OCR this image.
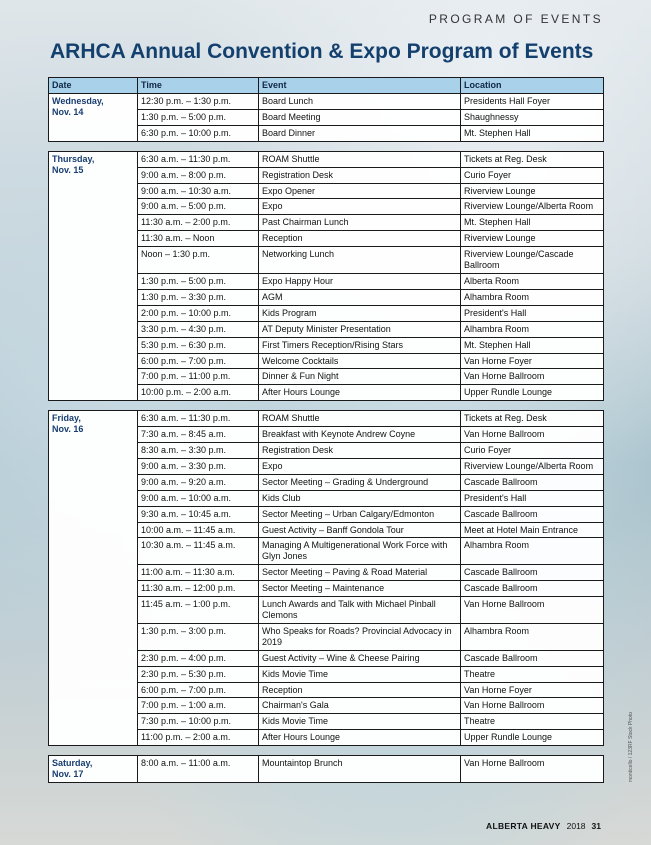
PROGRAM OF EVENTS
ARHCA Annual Convention & Expo Program of Events
Date	Time	Event	Location

Wednesday,
Nov. 14	12:30 p.m. – 1:30 p.m.	Board Lunch	Presidents Hall Foyer
	1:30 p.m. – 5:00 p.m.	Board Meeting	Shaughnessy
	6:30 p.m. – 10:00 p.m.	Board Dinner	Mt. Stephen Hall

Thursday,
Nov. 15	6:30 a.m. – 11:30 p.m.	ROAM Shuttle	Tickets at Reg. Desk
	9:00 a.m. – 8:00 p.m.	Registration Desk	Curio Foyer
	9:00 a.m. – 10:30 a.m.	Expo Opener	Riverview Lounge
	9:00 a.m. – 5:00 p.m.	Expo	Riverview Lounge/Alberta Room
	11:30 a.m. – 2:00 p.m.	Past Chairman Lunch	Mt. Stephen Hall
	11:30 a.m. – Noon	Reception	Riverview Lounge
	Noon – 1:30 p.m.	Networking Lunch	Riverview Lounge/Cascade Ballroom
	1:30 p.m. – 5:00 p.m.	Expo Happy Hour	Alberta Room
	1:30 p.m. – 3:30 p.m.	AGM	Alhambra Room
	2:00 p.m. – 10:00 p.m.	Kids Program	President's Hall
	3:30 p.m. – 4:30 p.m.	AT Deputy Minister Presentation	Alhambra Room
	5:30 p.m. – 6:30 p.m.	First Timers Reception/Rising Stars	Mt. Stephen Hall
	6:00 p.m. – 7:00 p.m.	Welcome Cocktails	Van Horne Foyer
	7:00 p.m. – 11:00 p.m.	Dinner & Fun Night	Van Horne Ballroom
	10:00 p.m. – 2:00 a.m.	After Hours Lounge	Upper Rundle Lounge

Friday,
Nov. 16	6:30 a.m. – 11:30 p.m.	ROAM Shuttle	Tickets at Reg. Desk
	7:30 a.m. – 8:45 a.m.	Breakfast with Keynote Andrew Coyne	Van Horne Ballroom
	8:30 a.m. – 3:30 p.m.	Registration Desk	Curio Foyer
	9:00 a.m. – 3:30 p.m.	Expo	Riverview Lounge/Alberta Room
	9:00 a.m. – 9:20 a.m.	Sector Meeting – Grading & Underground	Cascade Ballroom
	9:00 a.m. – 10:00 a.m.	Kids Club	President's Hall
	9:30 a.m. – 10:45 a.m.	Sector Meeting – Urban Calgary/Edmonton	Cascade Ballroom
	10:00 a.m. – 11:45 a.m.	Guest Activity – Banff Gondola Tour	Meet at Hotel Main Entrance
	10:30 a.m. – 11:45 a.m.	Managing A Multigenerational Work Force with Glyn Jones	Alhambra Room
	11:00 a.m. – 11:30 a.m.	Sector Meeting – Paving & Road Material	Cascade Ballroom
	11:30 a.m. – 12:00 p.m.	Sector Meeting – Maintenance	Cascade Ballroom
	11:45 a.m. – 1:00 p.m.	Lunch Awards and Talk with Michael Pinball Clemons	Van Horne Ballroom
	1:30 p.m. – 3:00 p.m.	Who Speaks for Roads? Provincial Advocacy in 2019	Alhambra Room
	2:30 p.m. – 4:00 p.m.	Guest Activity – Wine & Cheese Pairing	Cascade Ballroom
	2:30 p.m. – 5:30 p.m.	Kids Movie Time	Theatre
	6:00 p.m. – 7:00 p.m.	Reception	Van Horne Foyer
	7:00 p.m. – 1:00 a.m.	Chairman's Gala	Van Horne Ballroom
	7:30 p.m. – 10:00 p.m.	Kids Movie Time	Theatre
	11:00 p.m. – 2:00 a.m.	After Hours Lounge	Upper Rundle Lounge

Saturday,
Nov. 17	8:00 a.m. – 11:00 a.m.	Mountaintop Brunch	Van Horne Ballroom	monticello / 123RF Stock Photo
ALBERTA HEAVY 2018 31
